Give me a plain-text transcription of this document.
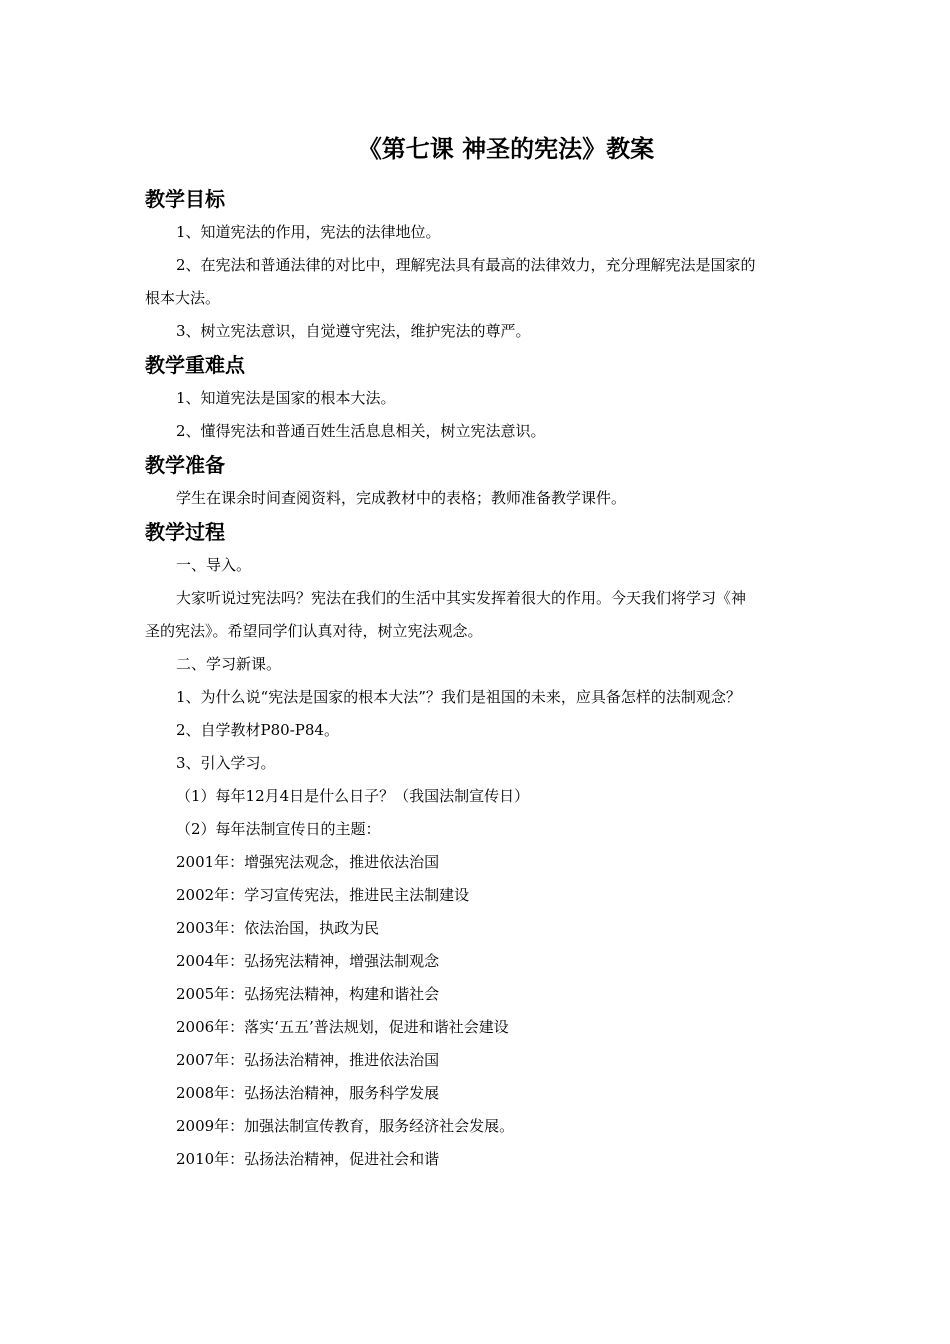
《第七课 神圣的宪法》教案
教学目标

1、知道宪法的作用，宪法的法律地位。

2、在宪法和普通法律的对比中，理解宪法具有最高的法律效力，充分理解宪法是国家的

根本大法。

3、树立宪法意识，自觉遵守宪法，维护宪法的尊严。

教学重难点

1、知道宪法是国家的根本大法。

2、懂得宪法和普通百姓生活息息相关，树立宪法意识。

教学准备

学生在课余时间查阅资料，完成教材中的表格；教师准备教学课件。

教学过程

一、导入。

大家听说过宪法吗？宪法在我们的生活中其实发挥着很大的作用。今天我们将学习《神

圣的宪法》。希望同学们认真对待，树立宪法观念。

二、学习新课。

1、为什么说“宪法是国家的根本大法”？我们是祖国的未来，应具备怎样的法制观念？

2、自学教材P80-P84。

3、引入学习。

（1）每年12月4日是什么日子？（我国法制宣传日）

（2）每年法制宣传日的主题：

2001年：增强宪法观念，推进依法治国

2002年：学习宣传宪法，推进民主法制建设

2003年：依法治国，执政为民

2004年：弘扬宪法精神，增强法制观念

2005年：弘扬宪法精神，构建和谐社会

2006年：落实‘五五’普法规划，促进和谐社会建设

2007年：弘扬法治精神，推进依法治国

2008年：弘扬法治精神，服务科学发展

2009年：加强法制宣传教育，服务经济社会发展。

2010年：弘扬法治精神，促进社会和谐
